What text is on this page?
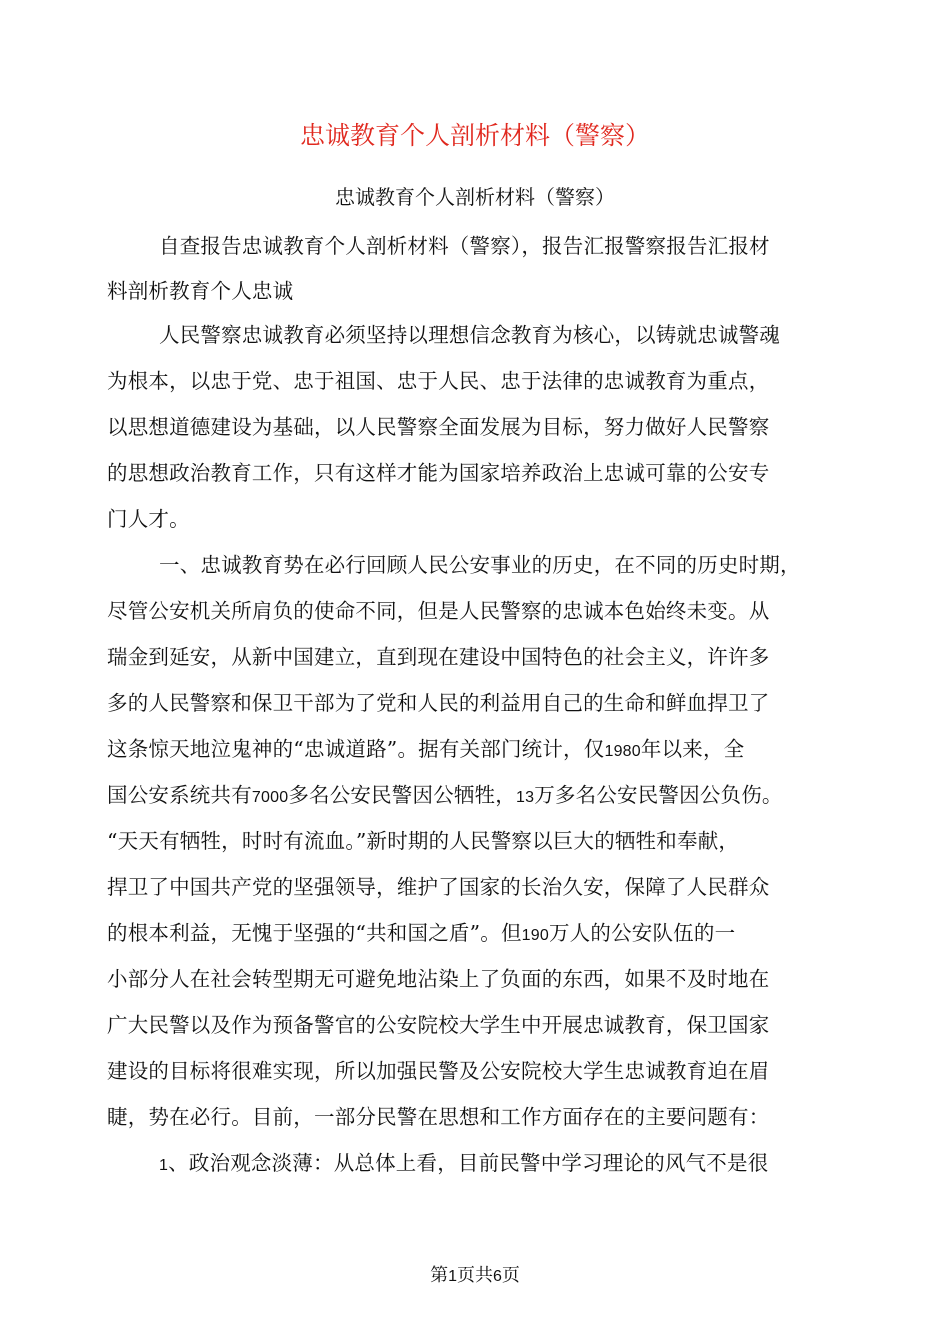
忠诚教育个人剖析材料（警察）

忠诚教育个人剖析材料（警察）

自查报告忠诚教育个人剖析材料（警察），报告汇报警察报告汇报材

料剖析教育个人忠诚

人民警察忠诚教育必须坚持以理想信念教育为核心，以铸就忠诚警魂

为根本，以忠于党、忠于祖国、忠于人民、忠于法律的忠诚教育为重点，

以思想道德建设为基础，以人民警察全面发展为目标，努力做好人民警察

的思想政治教育工作，只有这样才能为国家培养政治上忠诚可靠的公安专

门人才。

一、忠诚教育势在必行回顾人民公安事业的历史，在不同的历史时期，

尽管公安机关所肩负的使命不同，但是人民警察的忠诚本色始终未变。从

瑞金到延安，从新中国建立，直到现在建设中国特色的社会主义，许许多

多的人民警察和保卫干部为了党和人民的利益用自己的生命和鲜血捍卫了

这条惊天地泣鬼神的“忠诚道路”。据有关部门统计，仅1980年以来，全

国公安系统共有7000多名公安民警因公牺牲，13万多名公安民警因公负伤。

“天天有牺牲，时时有流血。”新时期的人民警察以巨大的牺牲和奉献，

捍卫了中国共产党的坚强领导，维护了国家的长治久安，保障了人民群众

的根本利益，无愧于坚强的“共和国之盾”。但190万人的公安队伍的一

小部分人在社会转型期无可避免地沾染上了负面的东西，如果不及时地在

广大民警以及作为预备警官的公安院校大学生中开展忠诚教育，保卫国家

建设的目标将很难实现，所以加强民警及公安院校大学生忠诚教育迫在眉

睫，势在必行。目前，一部分民警在思想和工作方面存在的主要问题有：

1、政治观念淡薄：从总体上看，目前民警中学习理论的风气不是很

第1页共6页
